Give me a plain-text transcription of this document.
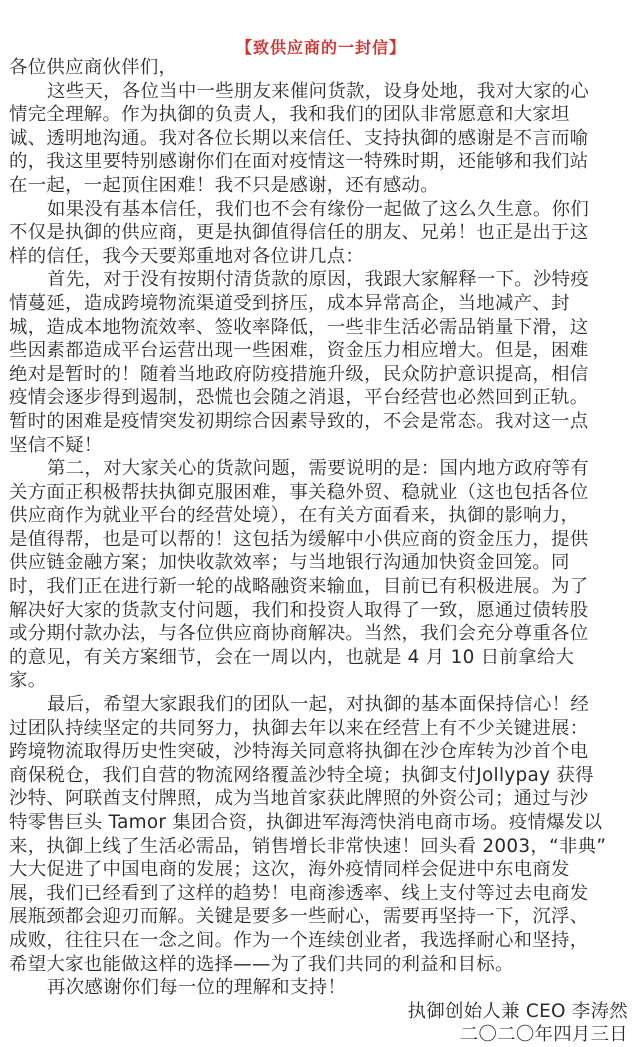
【致供应商的一封信】
各位供应商伙伴们，
这些天，各位当中一些朋友来催问货款，设身处地，我对大家的心
情完全理解。作为执御的负责人，我和我们的团队非常愿意和大家坦
诚、透明地沟通。我对各位长期以来信任、支持执御的感谢是不言而喻
的，我这里要特别感谢你们在面对疫情这一特殊时期，还能够和我们站
在一起，一起顶住困难！我不只是感谢，还有感动。
如果没有基本信任，我们也不会有缘份一起做了这么久生意。你们
不仅是执御的供应商，更是执御值得信任的朋友、兄弟！也正是出于这
样的信任，我今天要郑重地对各位讲几点：
首先，对于没有按期付清货款的原因，我跟大家解释一下。沙特疫
情蔓延，造成跨境物流渠道受到挤压，成本异常高企，当地减产、封
城，造成本地物流效率、签收率降低，一些非生活必需品销量下滑，这
些因素都造成平台运营出现一些困难，资金压力相应增大。但是，困难
绝对是暂时的！随着当地政府防疫措施升级，民众防护意识提高，相信
疫情会逐步得到遏制，恐慌也会随之消退，平台经营也必然回到正轨。
暂时的困难是疫情突发初期综合因素导致的，不会是常态。我对这一点
坚信不疑！
第二，对大家关心的货款问题，需要说明的是：国内地方政府等有
关方面正积极帮扶执御克服困难，事关稳外贸、稳就业（这也包括各位
供应商作为就业平台的经营处境），在有关方面看来，执御的影响力，
是值得帮，也是可以帮的！这包括为缓解中小供应商的资金压力，提供
供应链金融方案；加快收款效率；与当地银行沟通加快资金回笼。同
时，我们正在进行新一轮的战略融资来输血，目前已有积极进展。为了
解决好大家的货款支付问题，我们和投资人取得了一致，愿通过债转股
或分期付款办法，与各位供应商协商解决。当然，我们会充分尊重各位
的意见，有关方案细节，会在一周以内，也就是 4 月 10 日前拿给大
家。
最后，希望大家跟我们的团队一起，对执御的基本面保持信心！经
过团队持续坚定的共同努力，执御去年以来在经营上有不少关键进展：
跨境物流取得历史性突破，沙特海关同意将执御在沙仓库转为沙首个电
商保税仓，我们自营的物流网络覆盖沙特全境；执御支付Jollypay 获得
沙特、阿联酋支付牌照，成为当地首家获此牌照的外资公司；通过与沙
特零售巨头 Tamor 集团合资，执御进军海湾快消电商市场。疫情爆发以
来，执御上线了生活必需品，销售增长非常快速！回头看 2003，“非典”
大大促进了中国电商的发展；这次，海外疫情同样会促进中东电商发
展，我们已经看到了这样的趋势！电商渗透率、线上支付等过去电商发
展瓶颈都会迎刃而解。关键是要多一些耐心，需要再坚持一下，沉浮、
成败，往往只在一念之间。作为一个连续创业者，我选择耐心和坚持，
希望大家也能做这样的选择——为了我们共同的利益和目标。
再次感谢你们每一位的理解和支持！
执御创始人兼 CEO 李涛然
二〇二〇年四月三日
